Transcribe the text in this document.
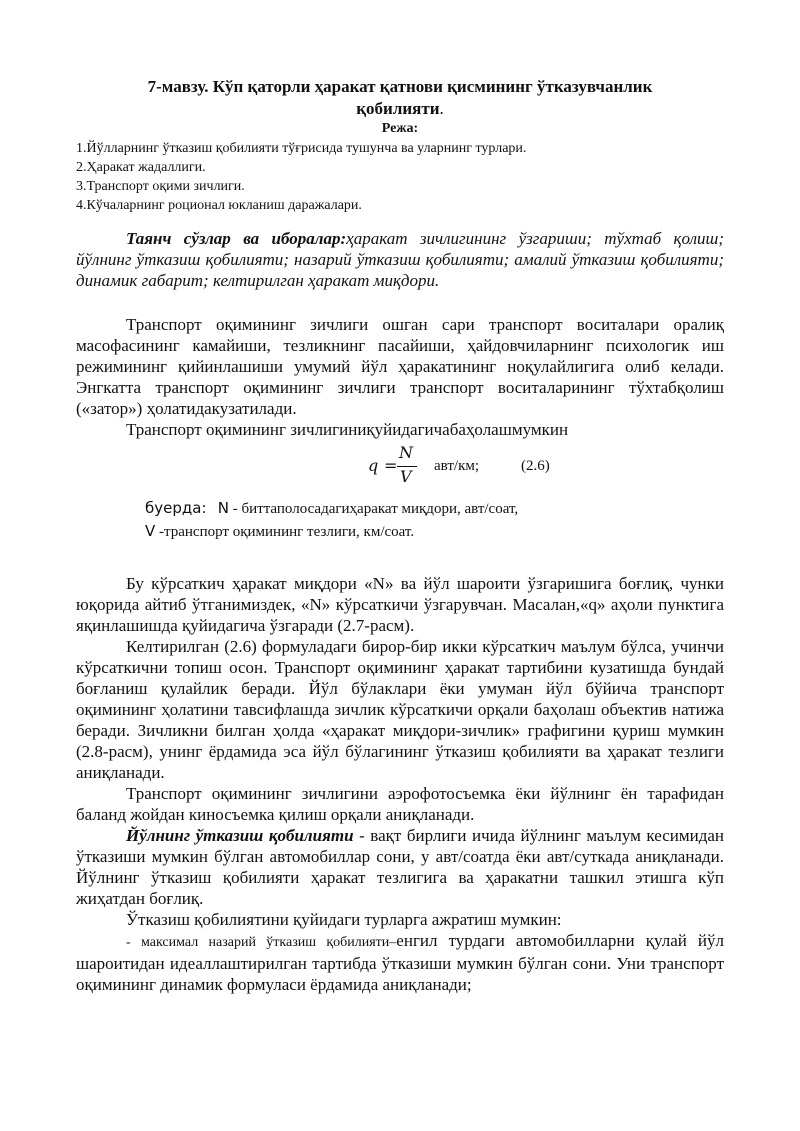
7-мавзу. Кўп қаторли ҳаракат қатнови қисмининг ўтказувчанлик
қобилияти.
Режа:
1.Йўлларнинг ўтказиш қобилияти тўғрисида тушунча ва уларнинг турлари.
2.Ҳаракат жадаллиги.
3.Транспорт оқими зичлиги.
4.Кўчаларнинг роционал юкланиш даражалари.

Таянч сўзлар ва иборалар:ҳаракат зичлигининг ўзгариши; тўхтаб қолиш; йўлнинг ўтказиш қобилияти; назарий ўтказиш қобилияти; амалий ўтказиш қобилияти; динамик габарит; келтирилган ҳаракат миқдори.

Транспорт оқимининг зичлиги ошган сари транспорт воситалари оралиқ масофасининг камайиши, тезликнинг пасайиши, ҳайдовчиларнинг психологик иш режимининг қийинлашиши умумий йўл ҳаракатининг ноқулайлигига олиб келади. Энгкатта транспорт оқимининг зичлиги транспорт воситаларининг тўхтабқолиш («затор») ҳолатидакузатилади.

Транспорт оқимининг зичлигиниқуйидагичабаҳолашмумкин

q =
N
V
авт/км;	(2.6)
буерда: N - биттаполосадагиҳаракат миқдори, авт/соат,
V -транспорт оқимининг тезлиги, км/соат.

Бу кўрсаткич ҳаракат миқдори «N» ва йўл шароити ўзгаришига боғлиқ, чунки юқорида айтиб ўтганимиздек, «N» кўрсаткичи ўзгарувчан. Масалан,«q» аҳоли пунктига яқинлашишда қуйидагича ўзгаради (2.7-расм).

Келтирилган (2.6) формуладаги бирор-бир икки кўрсаткич маълум бўлса, учинчи кўрсаткични топиш осон. Транспорт оқимининг ҳаракат тартибини кузатишда бундай боғланиш қулайлик беради. Йўл бўлаклари ёки умуман йўл бўйича транспорт оқимининг ҳолатини тавсифлашда зичлик кўрсаткичи орқали баҳолаш объектив натижа беради. Зичликни билган ҳолда «ҳаракат миқдори-зичлик» графигини қуриш мумкин (2.8-расм), унинг ёрдамида эса йўл бўлагининг ўтказиш қобилияти ва ҳаракат тезлиги аниқланади.

Транспорт оқимининг зичлигини аэрофотосъемка ёки йўлнинг ён тарафидан баланд жойдан киносъемка қилиш орқали аниқланади.

Йўлнинг ўтказиш қобилияти - вақт бирлиги ичида йўлнинг маълум кесимидан ўтказиши мумкин бўлган автомобиллар сони, у авт/соатда ёки авт/суткада аниқланади. Йўлнинг ўтказиш қобилияти ҳаракат тезлигига ва ҳаракатни ташкил этишга кўп жиҳатдан боғлиқ.

Ўтказиш қобилиятини қуйидаги турларга ажратиш мумкин:

- максимал назарий ўтказиш қобилияти–енгил турдаги автомобилларни қулай йўл шароитидан идеаллаштирилган тартибда ўтказиши мумкин бўлган сони. Уни транспорт оқимининг динамик формуласи ёрдамида аниқланади;
